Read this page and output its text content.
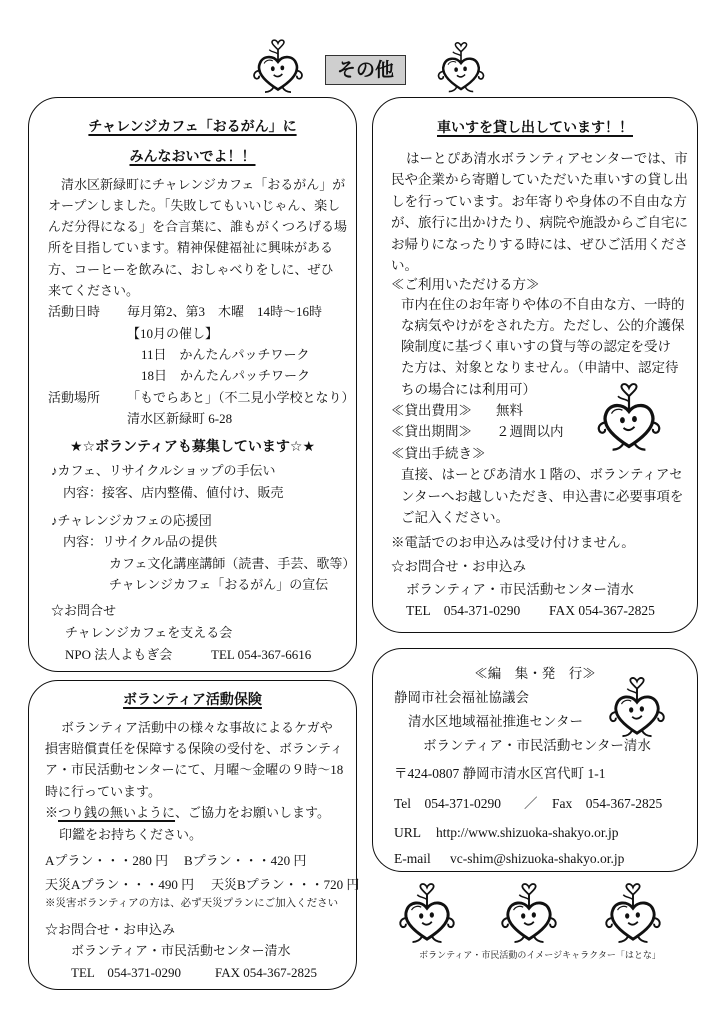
その他
チャレンジカフェ「おるがん」に
みんなおいでよ！！
清水区新緑町にチャレンジカフェ「おるがん」が
オープンしました。「失敗してもいいじゃん、楽し
んだ分得になる」を合言葉に、誰もがくつろげる場
所を目指しています。精神保健福祉に興味がある
方、コーヒーを飲みに、おしゃべりをしに、ぜひ
来てください。
活動日時 毎月第2、第3　木曜　14時～16時
【10月の催し】
11日　かんたんパッチワーク
18日　かんたんパッチワーク
活動場所 「もでらあと」（不二見小学校となり）
清水区新緑町 6-28
★☆ボランティアも募集しています☆★
♪カフェ、リサイクルショップの手伝い
内容：接客、店内整備、値付け、販売
♪チャレンジカフェの応援団
内容：リサイクル品の提供
カフェ文化講座講師（読書、手芸、歌等）
チャレンジカフェ「おるがん」の宣伝
☆お問合せ
チャレンジカフェを支える会
NPO 法人よもぎ会	TEL 054-367-6616
ボランティア活動保険
ボランティア活動中の様々な事故によるケガや
損害賠償責任を保障する保険の受付を、ボランティ
ア・市民活動センターにて、月曜～金曜の９時～18
時に行っています。
※つり銭の無いように、ご協力をお願いします。
印鑑をお持ちください。
Aプラン・・・280 円 Bプラン・・・420 円
天災Aプラン・・・490 円 天災Bプラン・・・720 円
※災害ボランティアの方は、必ず天災プランにご加入ください
☆お問合せ・お申込み
ボランティア・市民活動センター清水
TEL　054-371-0290	FAX 054-367-2825
車いすを貸し出しています！！
はーとぴあ清水ボランティアセンターでは、市
民や企業から寄贈していただいた車いすの貸し出
しを行っています。お年寄りや身体の不自由な方
が、旅行に出かけたり、病院や施設からご自宅に
お帰りになったりする時には、ぜひご活用くださ
い。
≪ご利用いただける方≫
市内在住のお年寄りや体の不自由な方、一時的
な病気やけがをされた方。ただし、公的介護保
険制度に基づく車いすの貸与等の認定を受け
た方は、対象となりません。（申請中、認定待
ちの場合には利用可）
≪貸出費用≫ 無料
≪貸出期間≫ ２週間以内
≪貸出手続き≫
直接、はーとぴあ清水１階の、ボランティアセ
ンターへお越しいただき、申込書に必要事項を
ご記入ください。
※電話でのお申込みは受け付けません。
☆お問合せ・お申込み
ボランティア・市民活動センター清水
TEL　054-371-0290 FAX 054-367-2825
≪編　集・発　行≫
静岡市社会福祉協議会
清水区地域福祉推進センター
ボランティア・市民活動センター清水
〒424-0807 静岡市清水区宮代町 1-1
Tel　054-371-0290 ／ Fax　054-367-2825
URL http://www.shizuoka-shakyo.or.jp
E-mail vc-shim@shizuoka-shakyo.or.jp
ボランティア・市民活動のイメージキャラクター「はとな」
